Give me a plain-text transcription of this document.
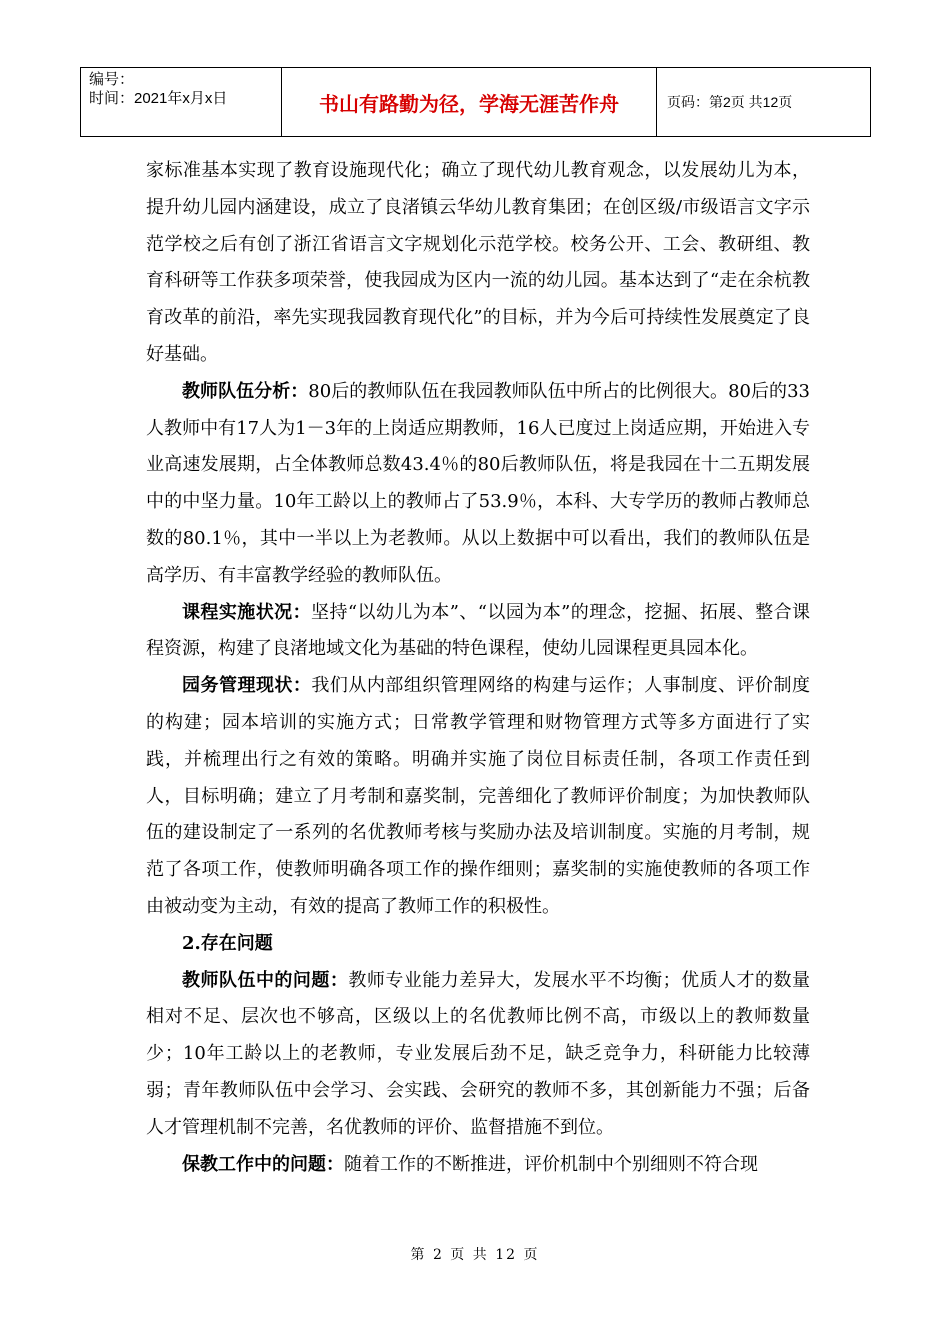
编号：
时间：2021年x月x日	书山有路勤为径，学海无涯苦作舟	页码：第2页 共12页

家标准基本实现了教育设施现代化；确立了现代幼儿教育观念，以发展幼儿为本，提升幼儿园内涵建设，成立了良渚镇云华幼儿教育集团；在创区级/市级语言文字示范学校之后有创了浙江省语言文字规划化示范学校。校务公开、工会、教研组、教育科研等工作获多项荣誉，使我园成为区内一流的幼儿园。基本达到了“走在余杭教育改革的前沿，率先实现我园教育现代化”的目标，并为今后可持续性发展奠定了良好基础。

教师队伍分析：80后的教师队伍在我园教师队伍中所占的比例很大。80后的33人教师中有17人为1－3年的上岗适应期教师，16人已度过上岗适应期，开始进入专业高速发展期，占全体教师总数43.4％的80后教师队伍，将是我园在十二五期发展中的中坚力量。10年工龄以上的教师占了53.9％，本科、大专学历的教师占教师总数的80.1％，其中一半以上为老教师。从以上数据中可以看出，我们的教师队伍是高学历、有丰富教学经验的教师队伍。

课程实施状况：坚持“以幼儿为本”、“以园为本”的理念，挖掘、拓展、整合课程资源，构建了良渚地域文化为基础的特色课程，使幼儿园课程更具园本化。

园务管理现状：我们从内部组织管理网络的构建与运作；人事制度、评价制度的构建；园本培训的实施方式；日常教学管理和财物管理方式等多方面进行了实践，并梳理出行之有效的策略。明确并实施了岗位目标责任制，各项工作责任到人，目标明确；建立了月考制和嘉奖制，完善细化了教师评价制度；为加快教师队伍的建设制定了一系列的名优教师考核与奖励办法及培训制度。实施的月考制，规范了各项工作，使教师明确各项工作的操作细则；嘉奖制的实施使教师的各项工作由被动变为主动，有效的提高了教师工作的积极性。

2.存在问题

教师队伍中的问题：教师专业能力差异大，发展水平不均衡；优质人才的数量相对不足、层次也不够高，区级以上的名优教师比例不高，市级以上的教师数量少；10年工龄以上的老教师，专业发展后劲不足，缺乏竞争力，科研能力比较薄弱；青年教师队伍中会学习、会实践、会研究的教师不多，其创新能力不强；后备人才管理机制不完善，名优教师的评价、监督措施不到位。

保教工作中的问题：随着工作的不断推进，评价机制中个别细则不符合现

第 2 页 共 12 页
